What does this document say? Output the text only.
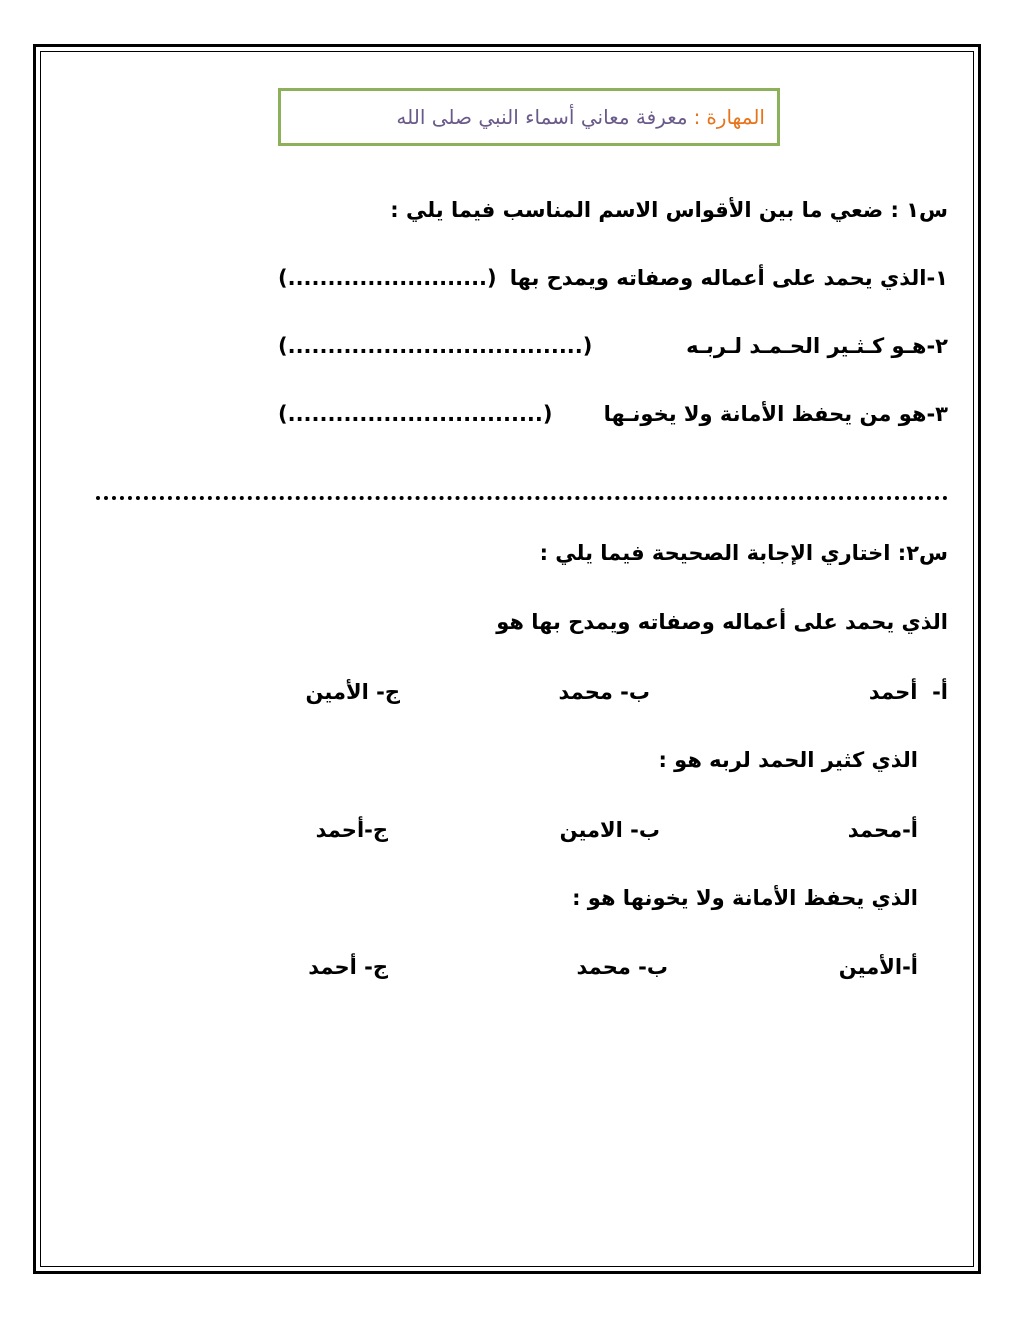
المهارة
:
معرفة معاني أسماء النبي صلى الله
س١ : ضعي ما بين الأقواس الاسم المناسب فيما يلي :
١-الذي يحمد على أعماله وصفاته ويمدح بها
(.........................)
٢-هـو كـثـير الحـمـد لـربـه
(.....................................)
٣-هو من يحفظ الأمانة ولا يخونـها
(................................)
س٢: اختاري الإجابة الصحيحة فيما يلي :
الذي يحمد على أعماله وصفاته ويمدح بها هو
أ-  أحمد
ب- محمد
ج- الأمين
الذي كثير الحمد لربه هو :
أ-محمد
ب- الامين
ج-أحمد
الذي يحفظ الأمانة ولا يخونها هو :
أ-الأمين
ب- محمد
ج- أحمد
